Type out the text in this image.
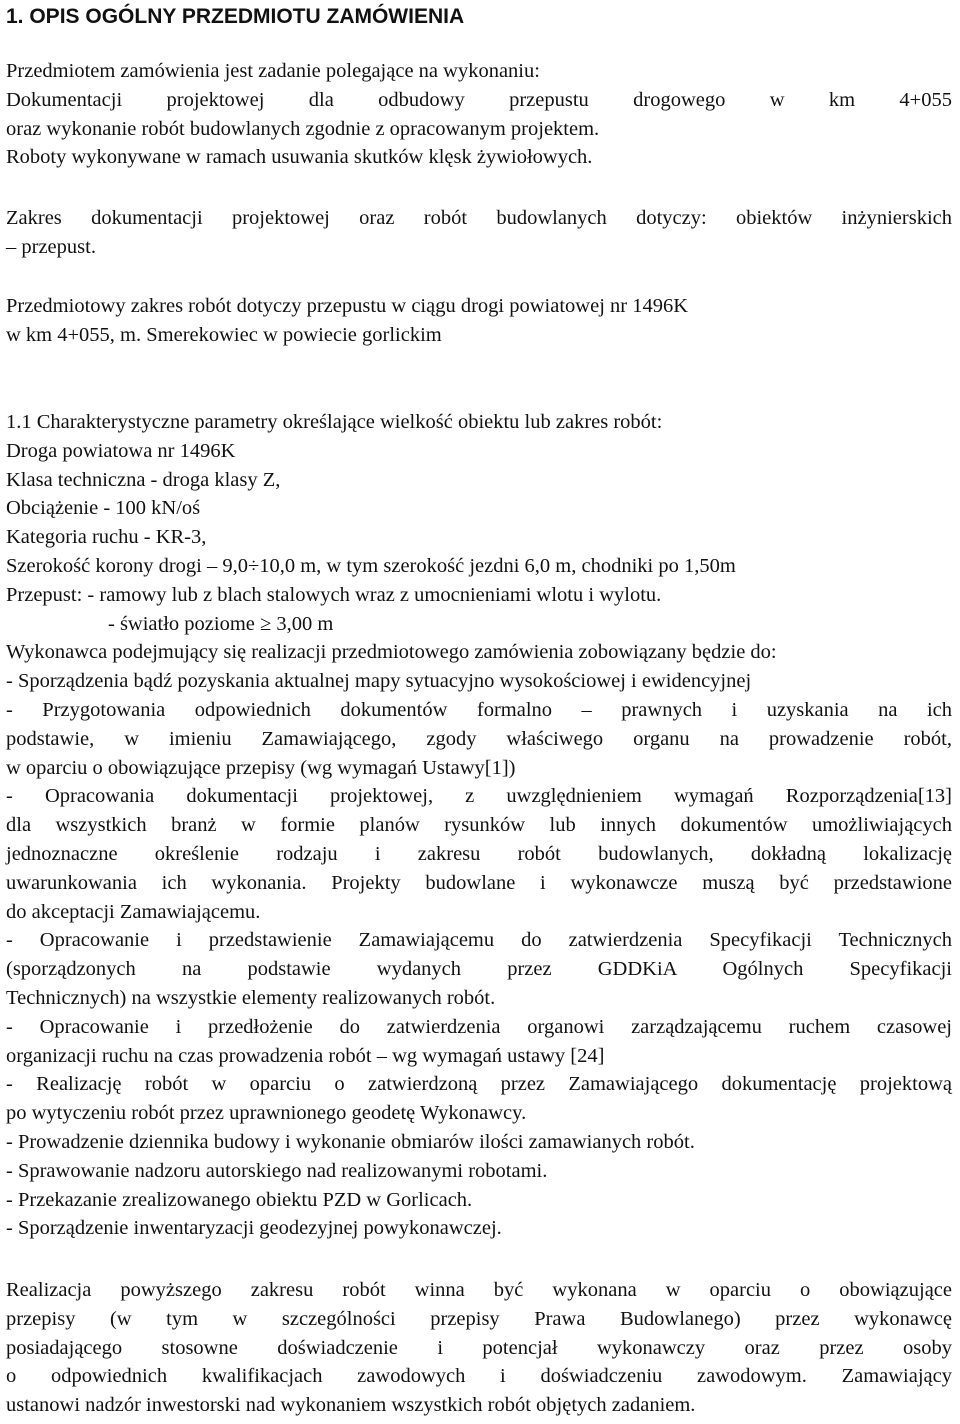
1. OPIS OGÓLNY PRZEDMIOTU ZAMÓWIENIA
Przedmiotem zamówienia jest zadanie polegające na wykonaniu:
Dokumentacji projektowej dla odbudowy przepustu drogowego w km 4+055
oraz wykonanie robót budowlanych zgodnie z opracowanym projektem.
Roboty wykonywane w ramach usuwania skutków klęsk żywiołowych.
Zakres dokumentacji projektowej oraz robót budowlanych dotyczy: obiektów inżynierskich
– przepust.
Przedmiotowy zakres robót dotyczy przepustu w ciągu drogi powiatowej nr 1496K
w km 4+055, m. Smerekowiec w powiecie gorlickim
1.1 Charakterystyczne parametry określające wielkość obiektu lub zakres robót:
Droga powiatowa nr 1496K
Klasa techniczna - droga klasy Z,
Obciążenie - 100 kN/oś
Kategoria ruchu - KR-3,
Szerokość korony drogi – 9,0÷10,0 m, w tym szerokość jezdni 6,0 m, chodniki po 1,50m
Przepust: - ramowy lub z blach stalowych wraz z umocnieniami wlotu i wylotu.
- światło poziome ≥ 3,00 m
Wykonawca podejmujący się realizacji przedmiotowego zamówienia zobowiązany będzie do:
- Sporządzenia bądź pozyskania aktualnej mapy sytuacyjno wysokościowej i ewidencyjnej
- Przygotowania odpowiednich dokumentów formalno – prawnych i uzyskania na ich
podstawie, w imieniu Zamawiającego, zgody właściwego organu na prowadzenie robót,
w oparciu o obowiązujące przepisy (wg wymagań Ustawy[1])
- Opracowania dokumentacji projektowej, z uwzględnieniem wymagań Rozporządzenia[13]
dla wszystkich branż w formie planów rysunków lub innych dokumentów umożliwiających
jednoznaczne określenie rodzaju i zakresu robót budowlanych, dokładną lokalizację
uwarunkowania ich wykonania. Projekty budowlane i wykonawcze muszą być przedstawione
do akceptacji Zamawiającemu.
- Opracowanie i przedstawienie Zamawiającemu do zatwierdzenia Specyfikacji Technicznych
(sporządzonych na podstawie wydanych przez GDDKiA Ogólnych Specyfikacji
Technicznych) na wszystkie elementy realizowanych robót.
- Opracowanie i przedłożenie do zatwierdzenia organowi zarządzającemu ruchem czasowej
organizacji ruchu na czas prowadzenia robót – wg wymagań ustawy [24]
- Realizację robót w oparciu o zatwierdzoną przez Zamawiającego dokumentację projektową
po wytyczeniu robót przez uprawnionego geodetę Wykonawcy.
- Prowadzenie dziennika budowy i wykonanie obmiarów ilości zamawianych robót.
- Sprawowanie nadzoru autorskiego nad realizowanymi robotami.
- Przekazanie zrealizowanego obiektu PZD w Gorlicach.
- Sporządzenie inwentaryzacji geodezyjnej powykonawczej.
Realizacja powyższego zakresu robót winna być wykonana w oparciu o obowiązujące
przepisy (w tym w szczególności przepisy Prawa Budowlanego) przez wykonawcę
posiadającego stosowne doświadczenie i potencjał wykonawczy oraz przez osoby
o odpowiednich kwalifikacjach zawodowych i doświadczeniu zawodowym. Zamawiający
ustanowi nadzór inwestorski nad wykonaniem wszystkich robót objętych zadaniem.
